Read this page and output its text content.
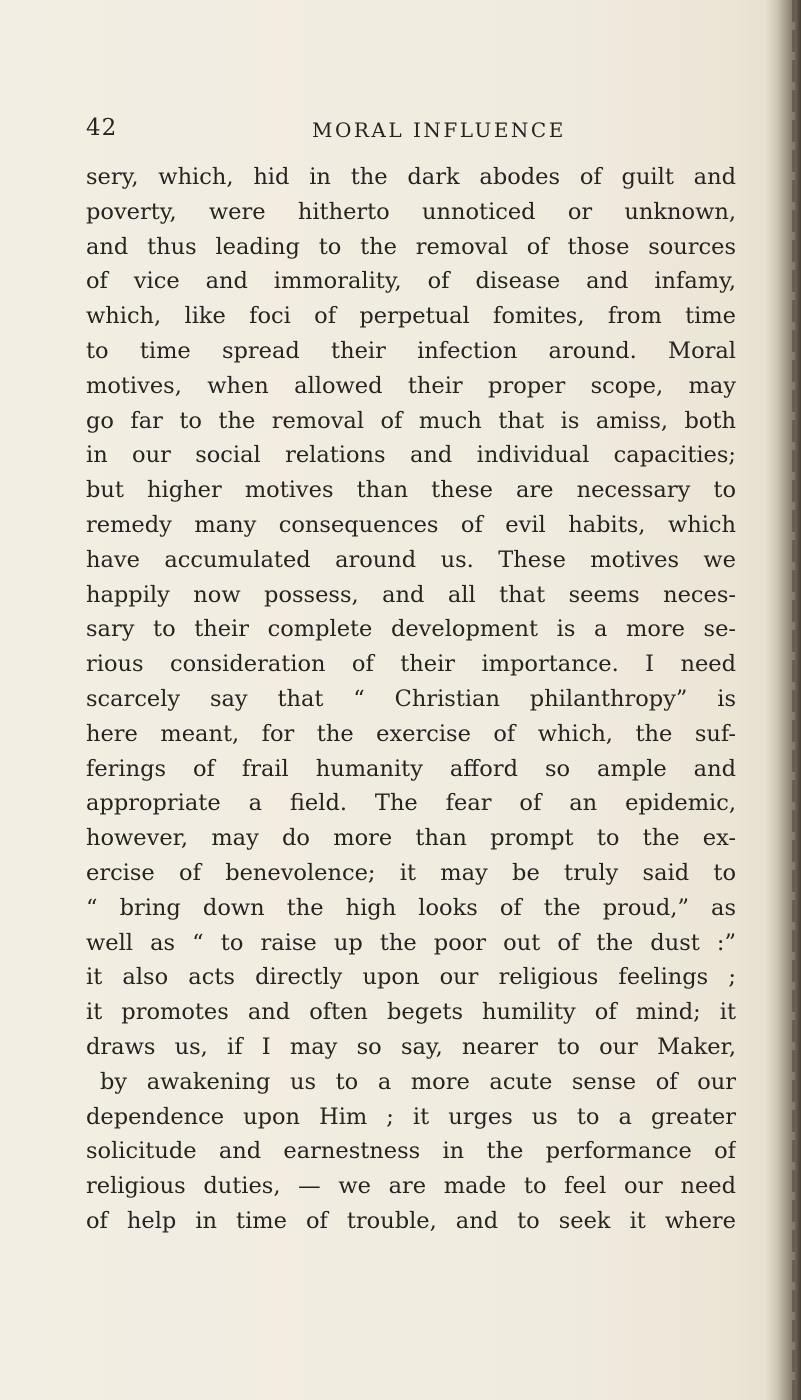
42	MORAL INFLUENCE
sery, which, hid in the dark abodes of guilt and
poverty, were hitherto unnoticed or unknown,
and thus leading to the removal of those sources
of vice and immorality, of disease and infamy,
which, like foci of perpetual fomites, from time
to time spread their infection around. Moral
motives, when allowed their proper scope, may
go far to the removal of much that is amiss, both
in our social relations and individual capacities;
but higher motives than these are necessary to
remedy many consequences of evil habits, which
have accumulated around us. These motives we
happily now possess, and all that seems neces-
sary to their complete development is a more se-
rious consideration of their importance. I need
scarcely say that “ Christian philanthropy” is
here meant, for the exercise of which, the suf-
ferings of frail humanity afford so ample and
appropriate a field. The fear of an epidemic,
however, may do more than prompt to the ex-
ercise of benevolence; it may be truly said to
“ bring down the high looks of the proud,” as
well as “ to raise up the poor out of the dust :”
it also acts directly upon our religious feelings ;
it promotes and often begets humility of mind; it
draws us, if I may so say, nearer to our Maker,
by awakening us to a more acute sense of our
dependence upon Him ; it urges us to a greater
solicitude and earnestness in the performance of
religious duties, — we are made to feel our need
of help in time of trouble, and to seek it where
